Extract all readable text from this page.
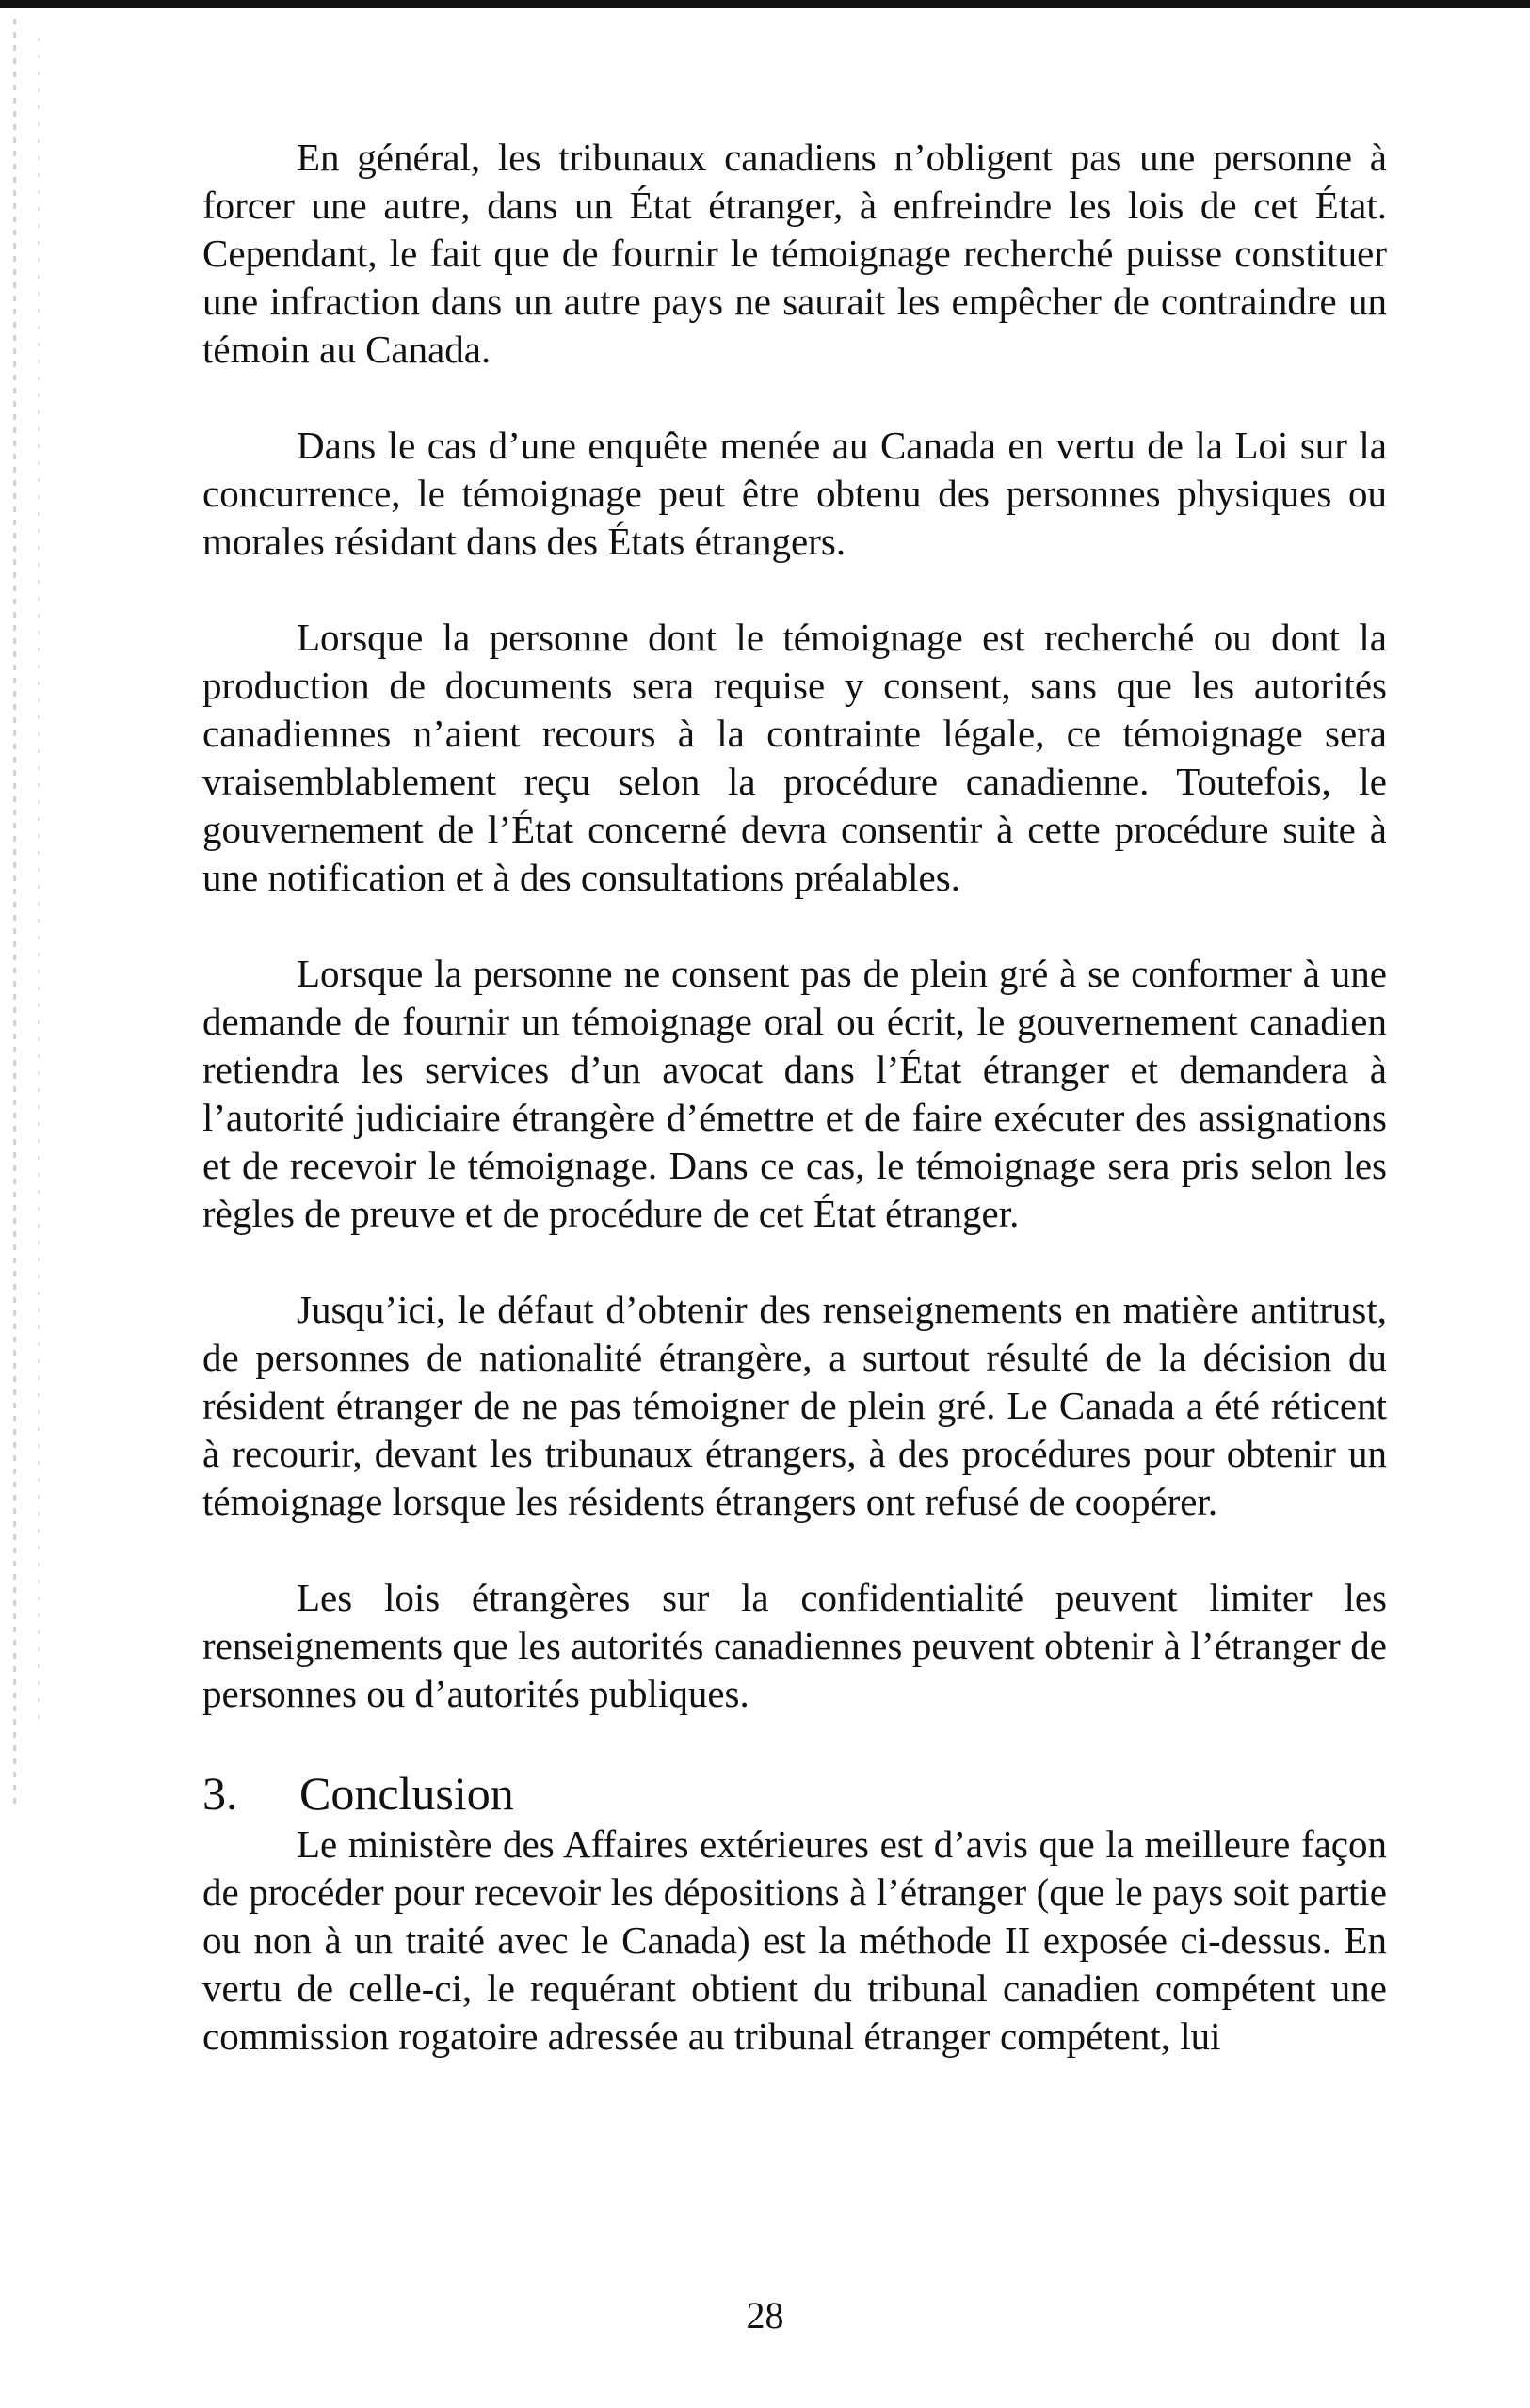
En général, les tribunaux canadiens n’obligent pas une personne à forcer une autre, dans un État étranger, à enfreindre les lois de cet État. Cependant, le fait que de fournir le témoignage recherché puisse constituer une infraction dans un autre pays ne saurait les empêcher de contraindre un témoin au Canada.

Dans le cas d’une enquête menée au Canada en vertu de la Loi sur la concurrence, le témoignage peut être obtenu des personnes physiques ou morales résidant dans des États étrangers.

Lorsque la personne dont le témoignage est recherché ou dont la production de documents sera requise y consent, sans que les autorités canadiennes n’aient recours à la contrainte légale, ce témoignage sera vraisemblablement reçu selon la procédure canadienne. Toutefois, le gouvernement de l’État concerné devra consentir à cette procédure suite à une notification et à des consultations préalables.

Lorsque la personne ne consent pas de plein gré à se conformer à une demande de fournir un témoignage oral ou écrit, le gouvernement canadien retiendra les services d’un avocat dans l’État étranger et demandera à l’autorité judiciaire étrangère d’émettre et de faire exécuter des assignations et de recevoir le témoignage. Dans ce cas, le témoignage sera pris selon les règles de preuve et de procédure de cet État étranger.

Jusqu’ici, le défaut d’obtenir des renseignements en matière antitrust, de personnes de nationalité étrangère, a surtout résulté de la décision du résident étranger de ne pas témoigner de plein gré. Le Canada a été réticent à recourir, devant les tribunaux étrangers, à des procédures pour obtenir un témoignage lorsque les résidents étrangers ont refusé de coopérer.

Les lois étrangères sur la confidentialité peuvent limiter les renseignements que les autorités canadiennes peuvent obtenir à l’étranger de personnes ou d’autorités publiques.

3.	Conclusion

Le ministère des Affaires extérieures est d’avis que la meilleure façon de procéder pour recevoir les dépositions à l’étranger (que le pays soit partie ou non à un traité avec le Canada) est la méthode II exposée ci-dessus. En vertu de celle-ci, le requérant obtient du tribunal canadien compétent une commission rogatoire adressée au tribunal étranger compétent, lui

28
